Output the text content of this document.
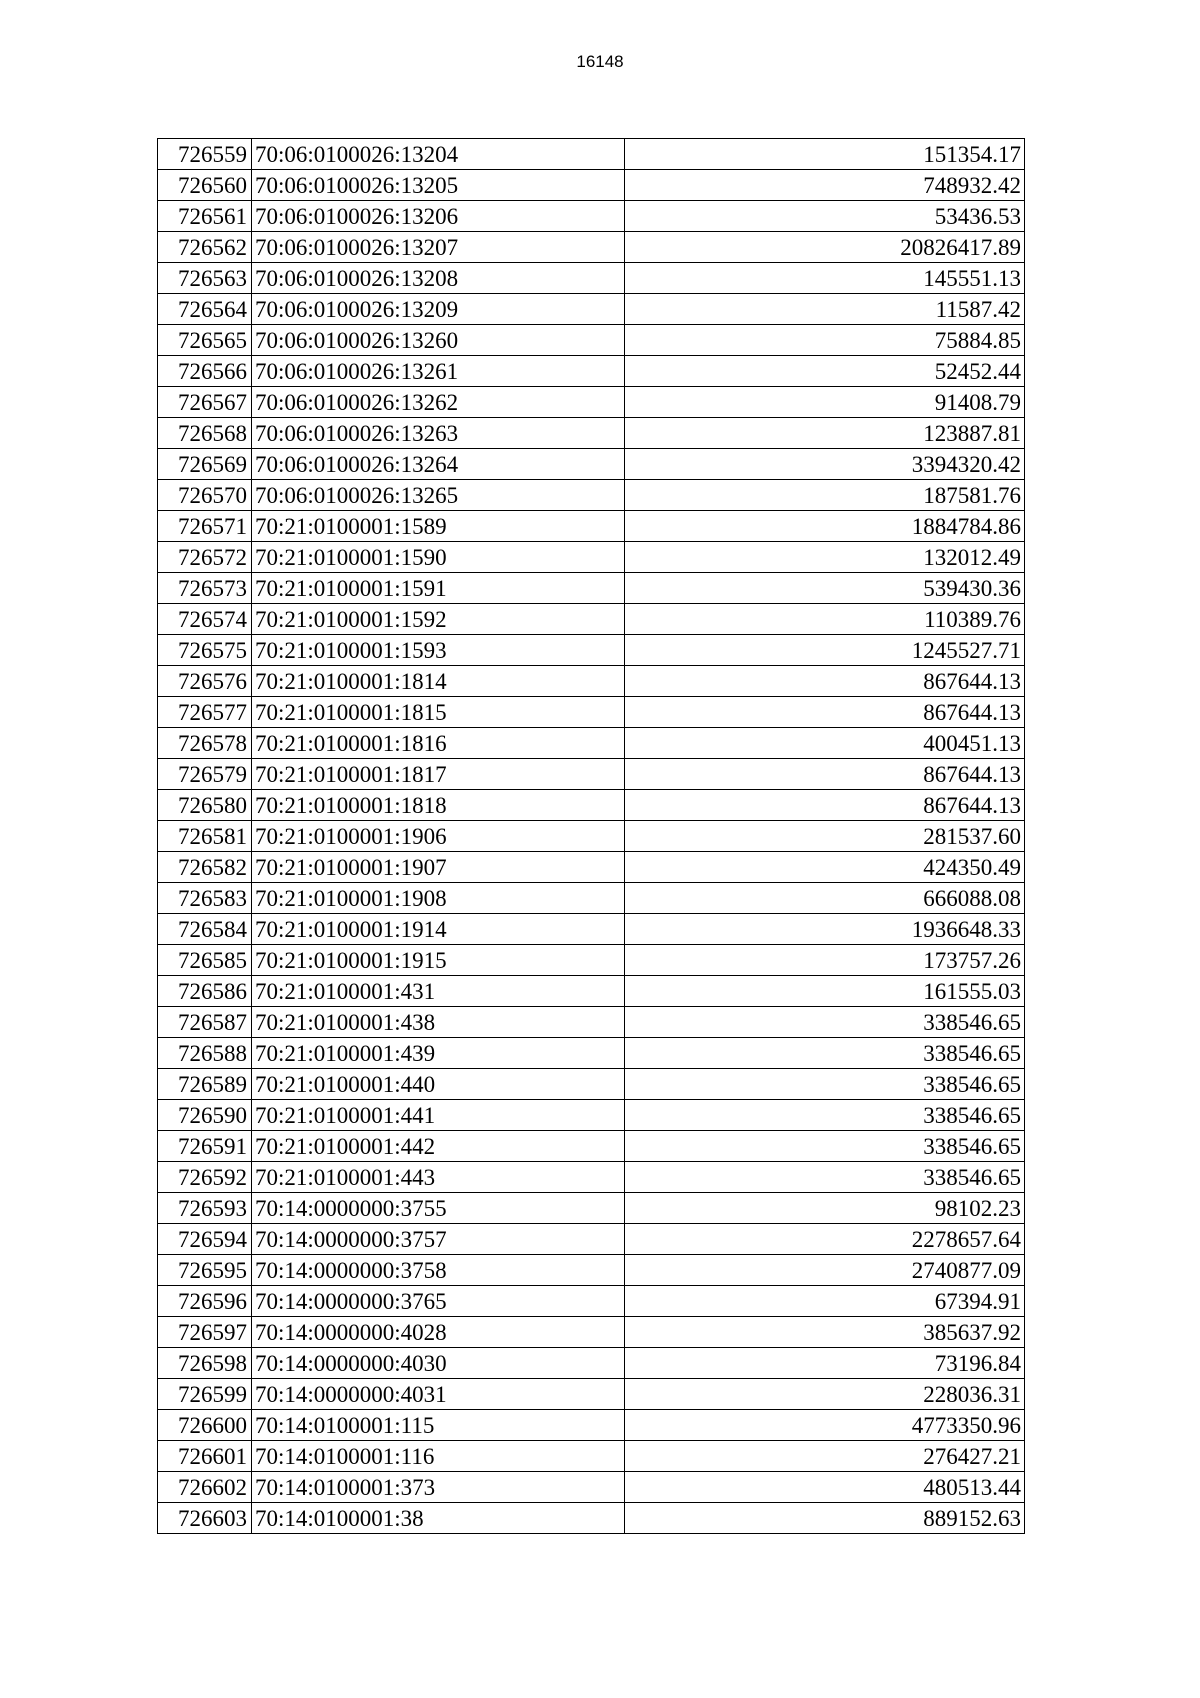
16148
726559	70:06:0100026:13204	151354.17
726560	70:06:0100026:13205	748932.42
726561	70:06:0100026:13206	53436.53
726562	70:06:0100026:13207	20826417.89
726563	70:06:0100026:13208	145551.13
726564	70:06:0100026:13209	11587.42
726565	70:06:0100026:13260	75884.85
726566	70:06:0100026:13261	52452.44
726567	70:06:0100026:13262	91408.79
726568	70:06:0100026:13263	123887.81
726569	70:06:0100026:13264	3394320.42
726570	70:06:0100026:13265	187581.76
726571	70:21:0100001:1589	1884784.86
726572	70:21:0100001:1590	132012.49
726573	70:21:0100001:1591	539430.36
726574	70:21:0100001:1592	110389.76
726575	70:21:0100001:1593	1245527.71
726576	70:21:0100001:1814	867644.13
726577	70:21:0100001:1815	867644.13
726578	70:21:0100001:1816	400451.13
726579	70:21:0100001:1817	867644.13
726580	70:21:0100001:1818	867644.13
726581	70:21:0100001:1906	281537.60
726582	70:21:0100001:1907	424350.49
726583	70:21:0100001:1908	666088.08
726584	70:21:0100001:1914	1936648.33
726585	70:21:0100001:1915	173757.26
726586	70:21:0100001:431	161555.03
726587	70:21:0100001:438	338546.65
726588	70:21:0100001:439	338546.65
726589	70:21:0100001:440	338546.65
726590	70:21:0100001:441	338546.65
726591	70:21:0100001:442	338546.65
726592	70:21:0100001:443	338546.65
726593	70:14:0000000:3755	98102.23
726594	70:14:0000000:3757	2278657.64
726595	70:14:0000000:3758	2740877.09
726596	70:14:0000000:3765	67394.91
726597	70:14:0000000:4028	385637.92
726598	70:14:0000000:4030	73196.84
726599	70:14:0000000:4031	228036.31
726600	70:14:0100001:115	4773350.96
726601	70:14:0100001:116	276427.21
726602	70:14:0100001:373	480513.44
726603	70:14:0100001:38	889152.63
